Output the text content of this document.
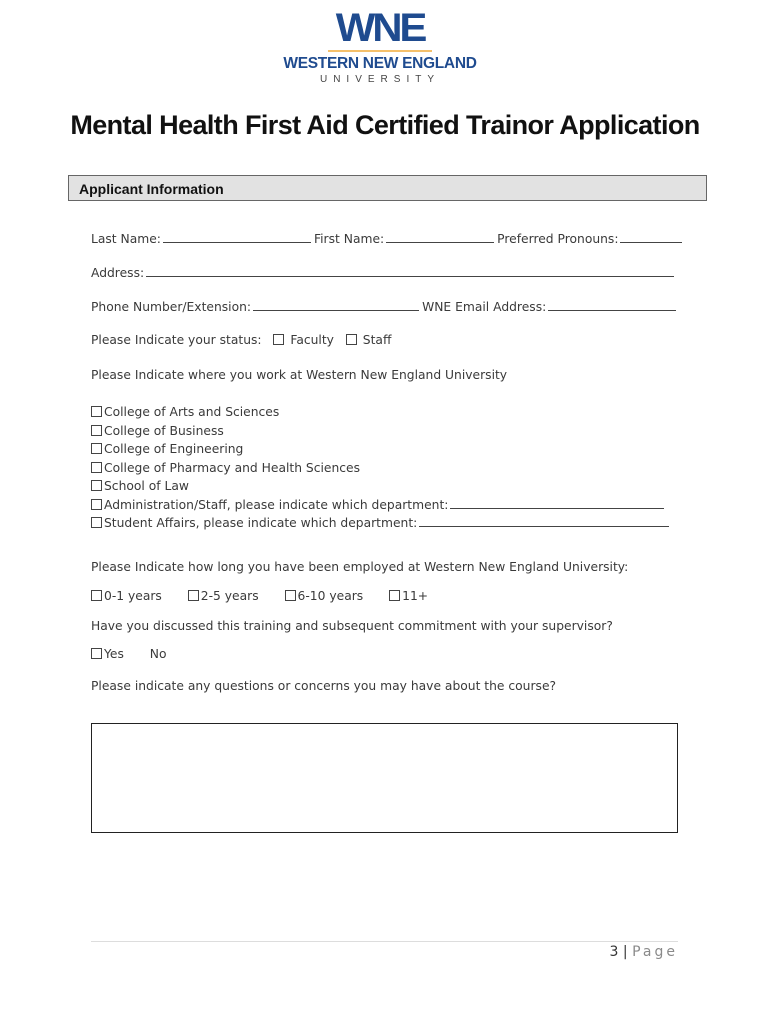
WNE
WESTERN NEW ENGLAND
UNIVERSITY
Mental Health First Aid Certified Trainor Application
Applicant Information
Last Name:	First Name:	Preferred Pronouns:
Address:
Phone Number/Extension:	WNE Email Address:
Please Indicate your status: Faculty Staff
Please Indicate where you work at Western New England University
College of Arts and Sciences
College of Business
College of Engineering
College of Pharmacy and Health Sciences
School of Law
Administration/Staff, please indicate which department:
Student Affairs, please indicate which department:
Please Indicate how long you have been employed at Western New England University:
0-1 years	2-5 years	6-10 years	11+
Have you discussed this training and subsequent commitment with your supervisor?
Yes No
Please indicate any questions or concerns you may have about the course?
3 | Page
